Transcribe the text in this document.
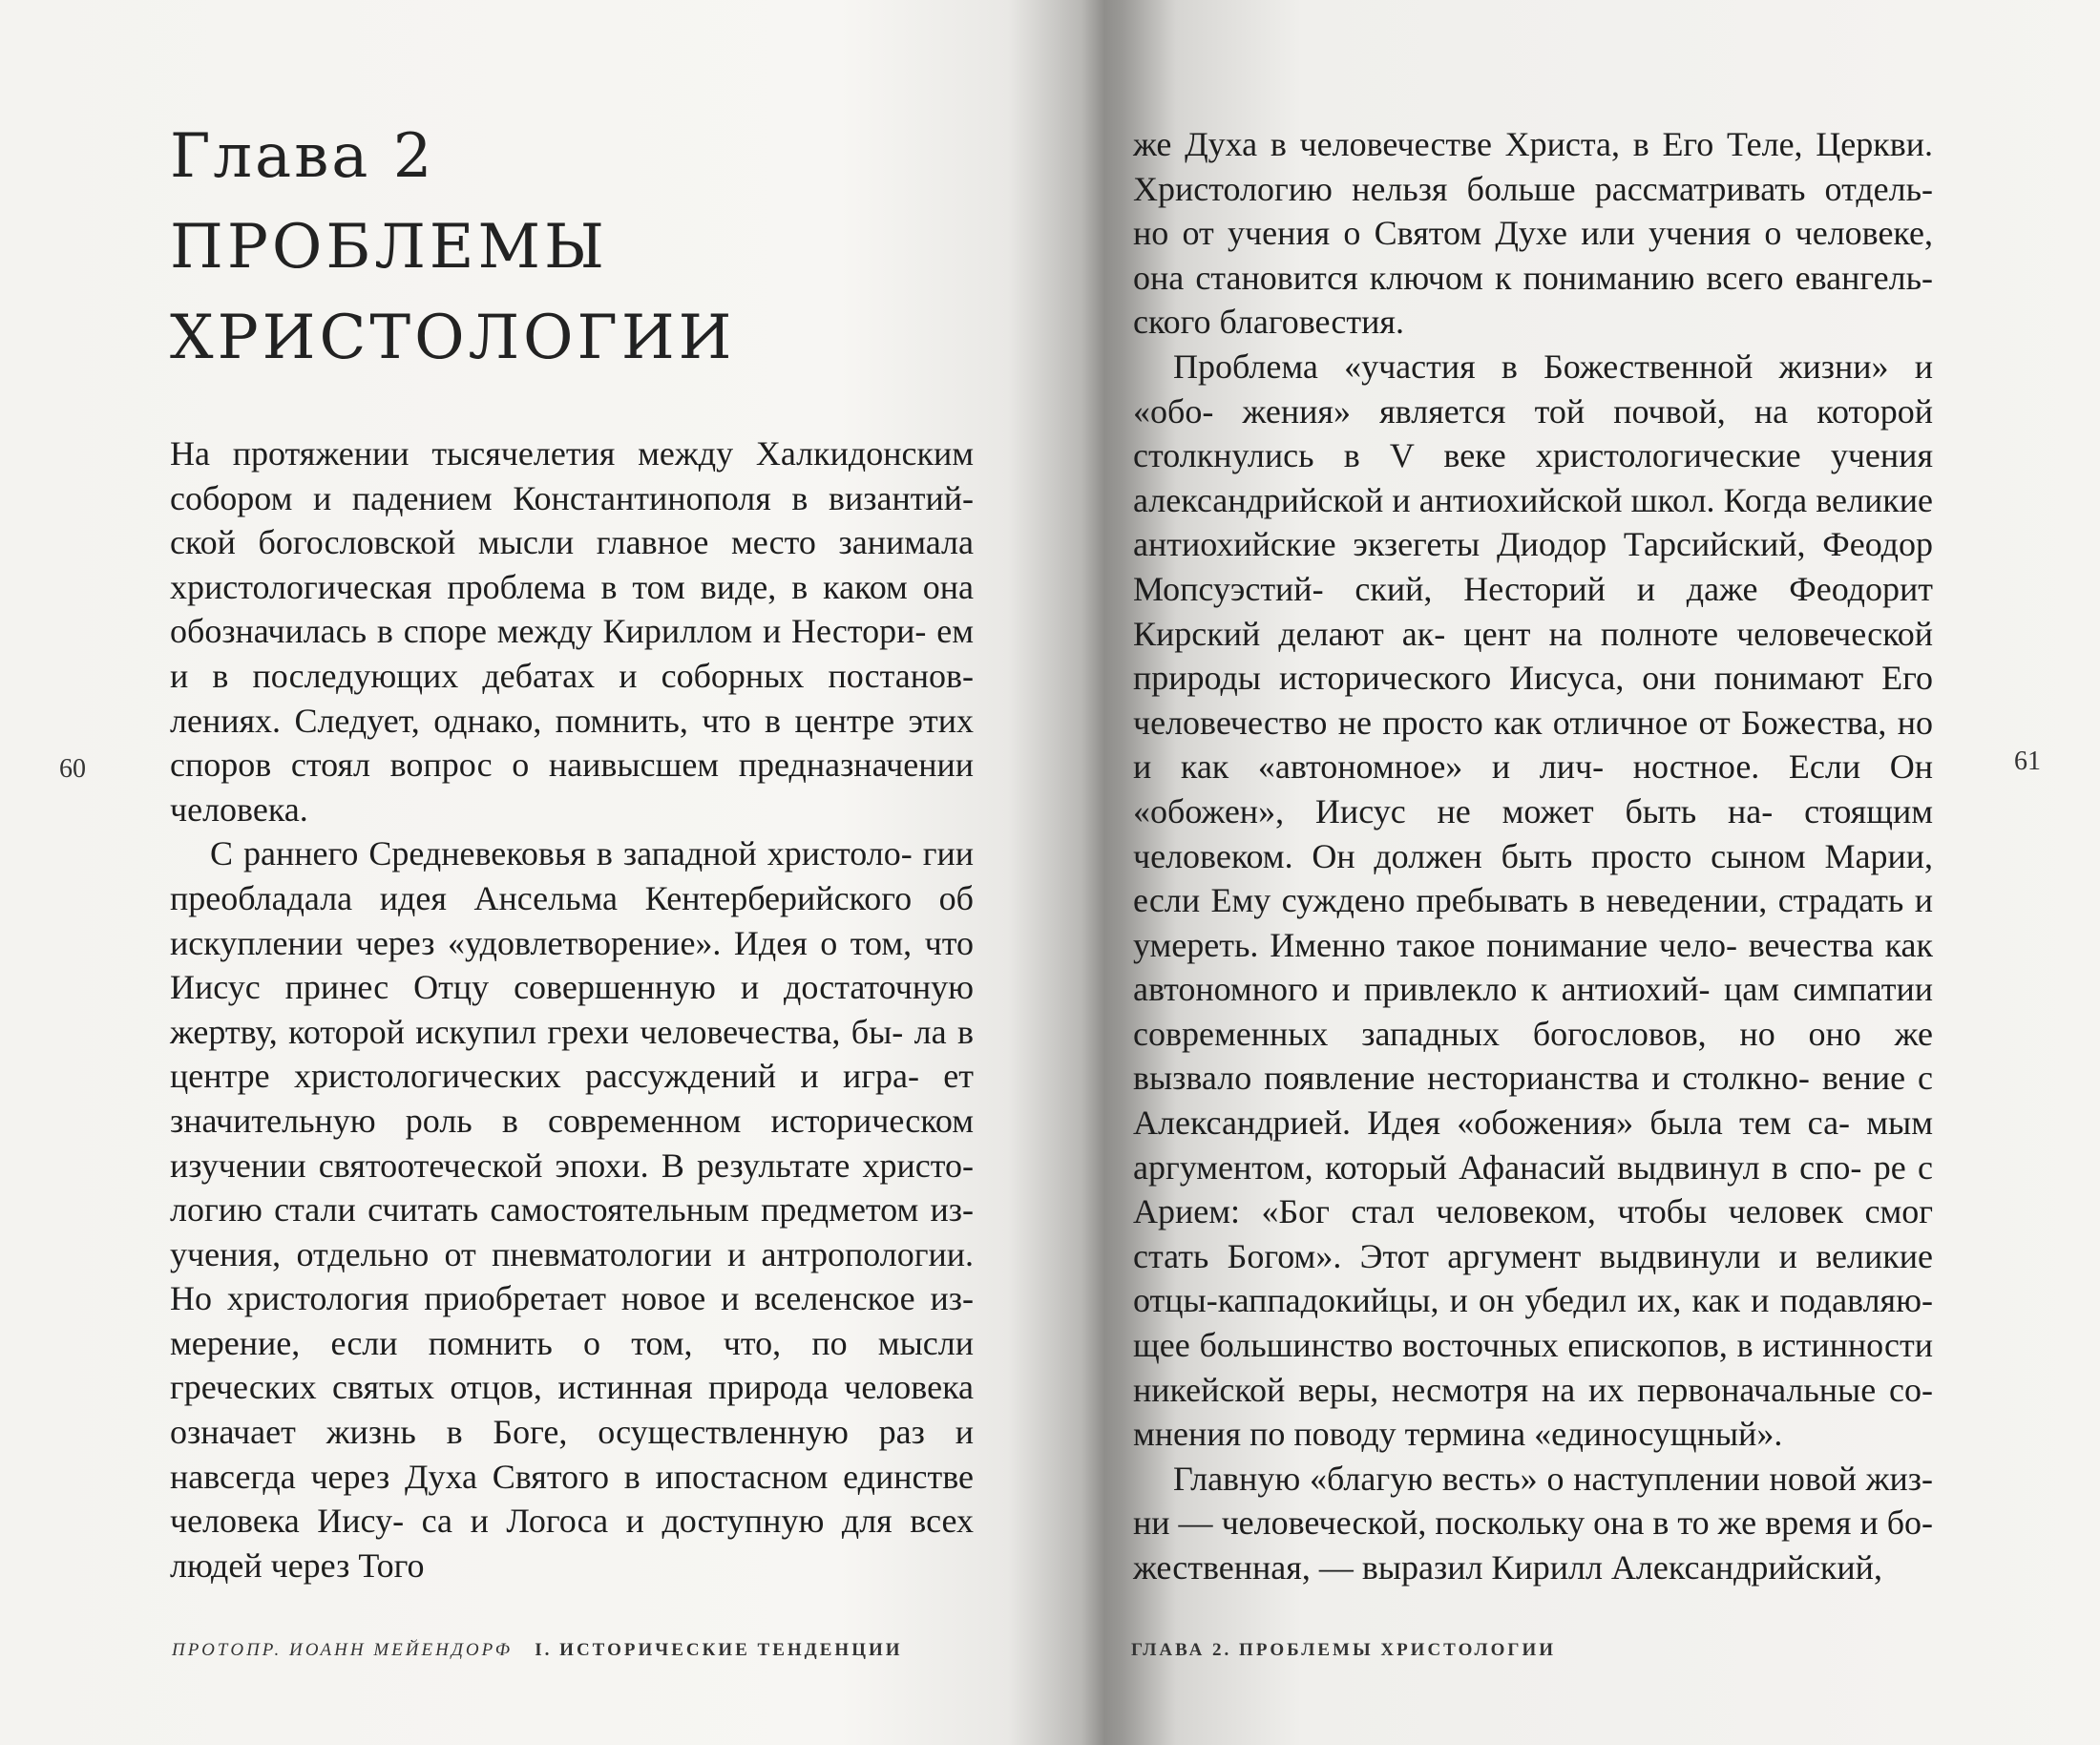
Глава 2
ПРОБЛЕМЫ
ХРИСТОЛОГИИ

На протяжении тысячелетия между Халкидонским собором и падением Константинополя в византий- ской богословской мысли главное место занимала христологическая проблема в том виде, в каком она обозначилась в споре между Кириллом и Нестори- ем и в последующих дебатах и соборных постанов- лениях. Следует, однако, помнить, что в центре этих споров стоял вопрос о наивысшем предназначении человека.

С раннего Средневековья в западной христоло- гии преобладала идея Ансельма Кентерберийского об искуплении через «удовлетворение». Идея о том, что Иисус принес Отцу совершенную и достаточную жертву, которой искупил грехи человечества, бы- ла в центре христологических рассуждений и игра- ет значительную роль в современном историческом изучении святоотеческой эпохи. В результате христо- логию стали считать самостоятельным предметом из- учения, отдельно от пневматологии и антропологии. Но христология приобретает новое и вселенское из- мерение, если помнить о том, что, по мысли греческих святых отцов, истинная природа человека означает жизнь в Боге, осуществленную раз и навсегда через Духа Святого в ипостасном единстве человека Иису- са и Логоса и доступную для всех людей через Того

60
ПРОТОПР. ИОАНН МЕЙЕНДОРФ I. ИСТОРИЧЕСКИЕ ТЕНДЕНЦИИ

же Духа в человечестве Христа, в Его Теле, Церкви. Христологию нельзя больше рассматривать отдель- но от учения о Святом Духе или учения о человеке, она становится ключом к пониманию всего евангель- ского благовестия.

Проблема «участия в Божественной жизни» и «обо- жения» является той почвой, на которой столкнулись в V веке христологические учения александрийской и антиохийской школ. Когда великие антиохийские экзегеты Диодор Тарсийский, Феодор Мопсуэстий- ский, Несторий и даже Феодорит Кирский делают ак- цент на полноте человеческой природы исторического Иисуса, они понимают Его человечество не просто как отличное от Божества, но и как «автономное» и лич- ностное. Если Он «обожен», Иисус не может быть на- стоящим человеком. Он должен быть просто сыном Марии, если Ему суждено пребывать в неведении, страдать и умереть. Именно такое понимание чело- вечества как автономного и привлекло к антиохий- цам симпатии современных западных богословов, но оно же вызвало появление несторианства и столкно- вение с Александрией. Идея «обожения» была тем са- мым аргументом, который Афанасий выдвинул в спо- ре с Арием: «Бог стал человеком, чтобы человек смог стать Богом». Этот аргумент выдвинули и великие отцы-каппадокийцы, и он убедил их, как и подавляю- щее большинство восточных епископов, в истинности никейской веры, несмотря на их первоначальные со- мнения по поводу термина «единосущный».

Главную «благую весть» о наступлении новой жиз- ни — человеческой, поскольку она в то же время и бо- жественная, — выразил Кирилл Александрийский,

61
ГЛАВА 2. ПРОБЛЕМЫ ХРИСТОЛОГИИ
